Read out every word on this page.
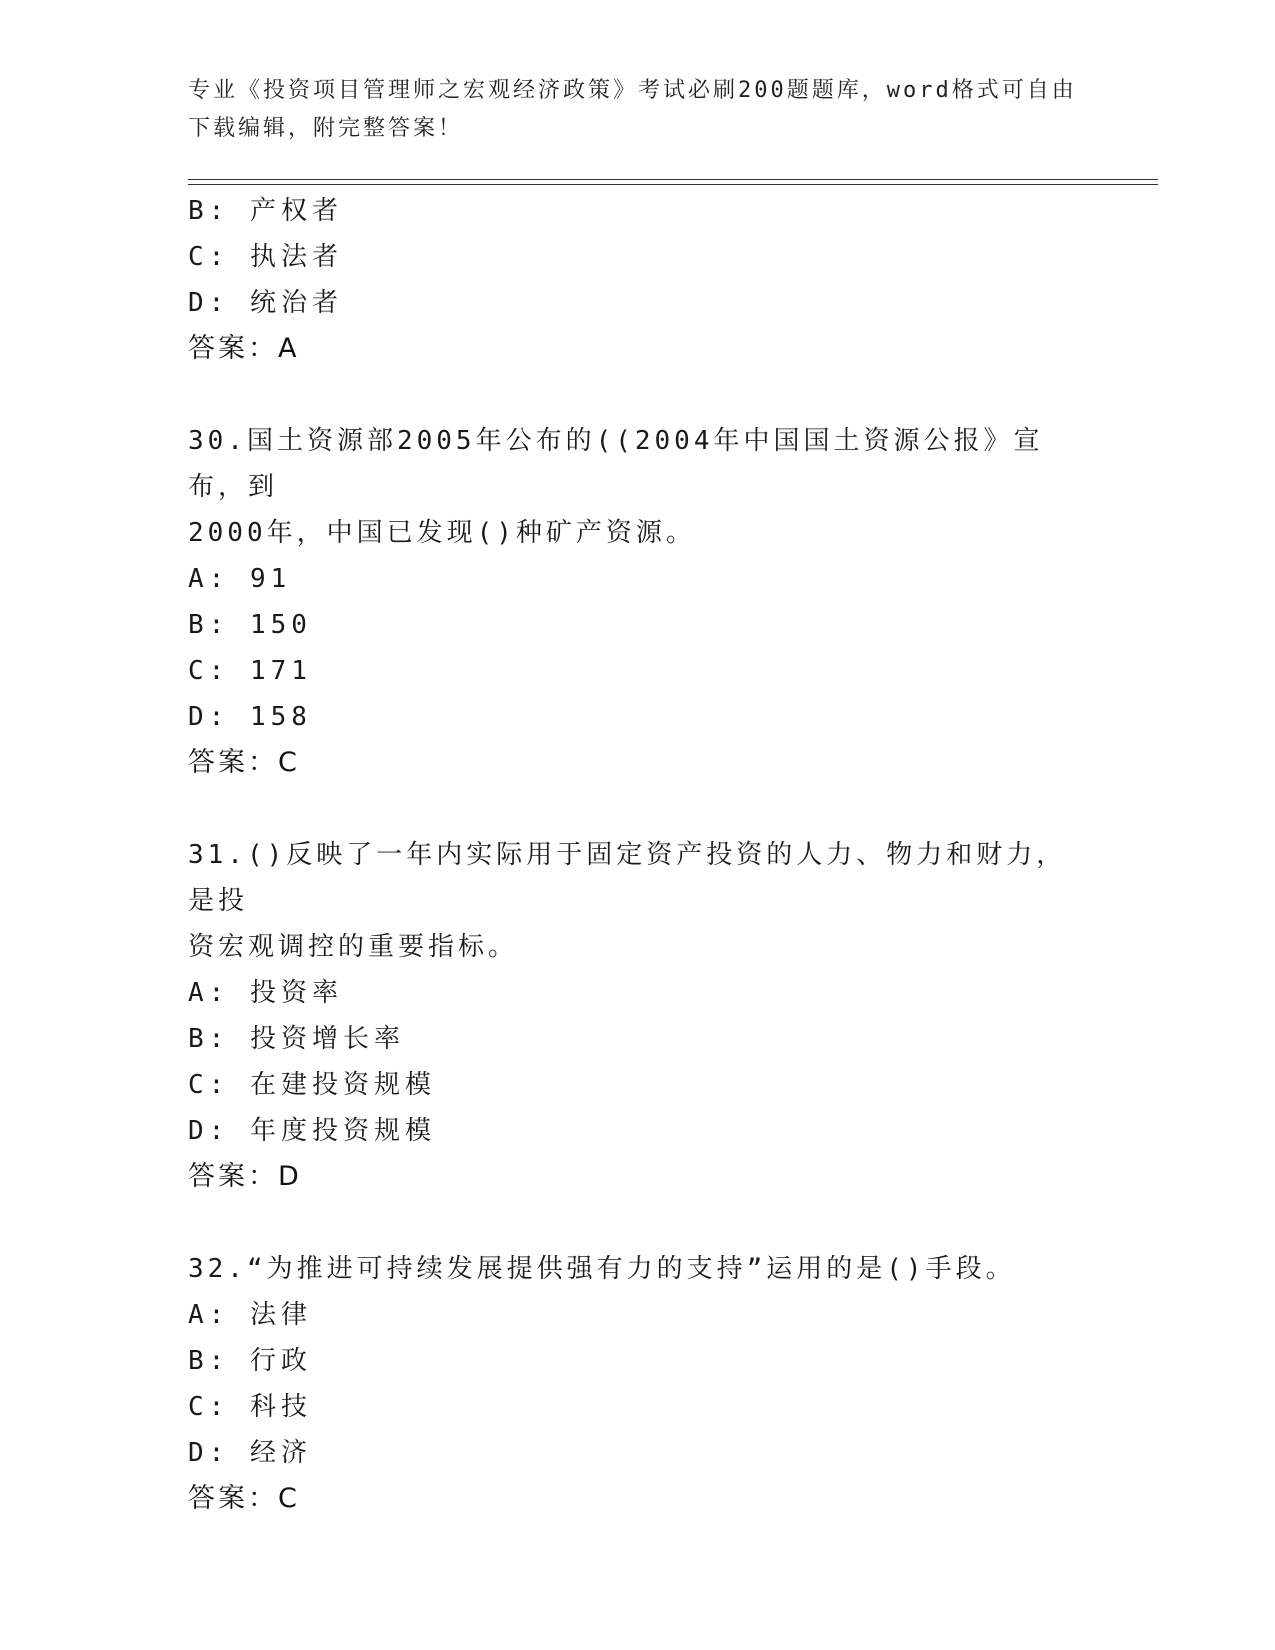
专业《投资项目管理师之宏观经济政策》考试必刷200题题库，word格式可自由
下载编辑，附完整答案！
B: 产权者
C: 执法者
D: 统治者
答案：A
30.国土资源部2005年公布的((2004年中国国土资源公报》宣布，到
2000年，中国已发现()种矿产资源。
A: 91
B: 150
C: 171
D: 158
答案：C
31.()反映了一年内实际用于固定资产投资的人力、物力和财力，是投
资宏观调控的重要指标。
A: 投资率
B: 投资增长率
C: 在建投资规模
D: 年度投资规模
答案：D
32.“为推进可持续发展提供强有力的支持”运用的是()手段。
A: 法律
B: 行政
C: 科技
D: 经济
答案：C
